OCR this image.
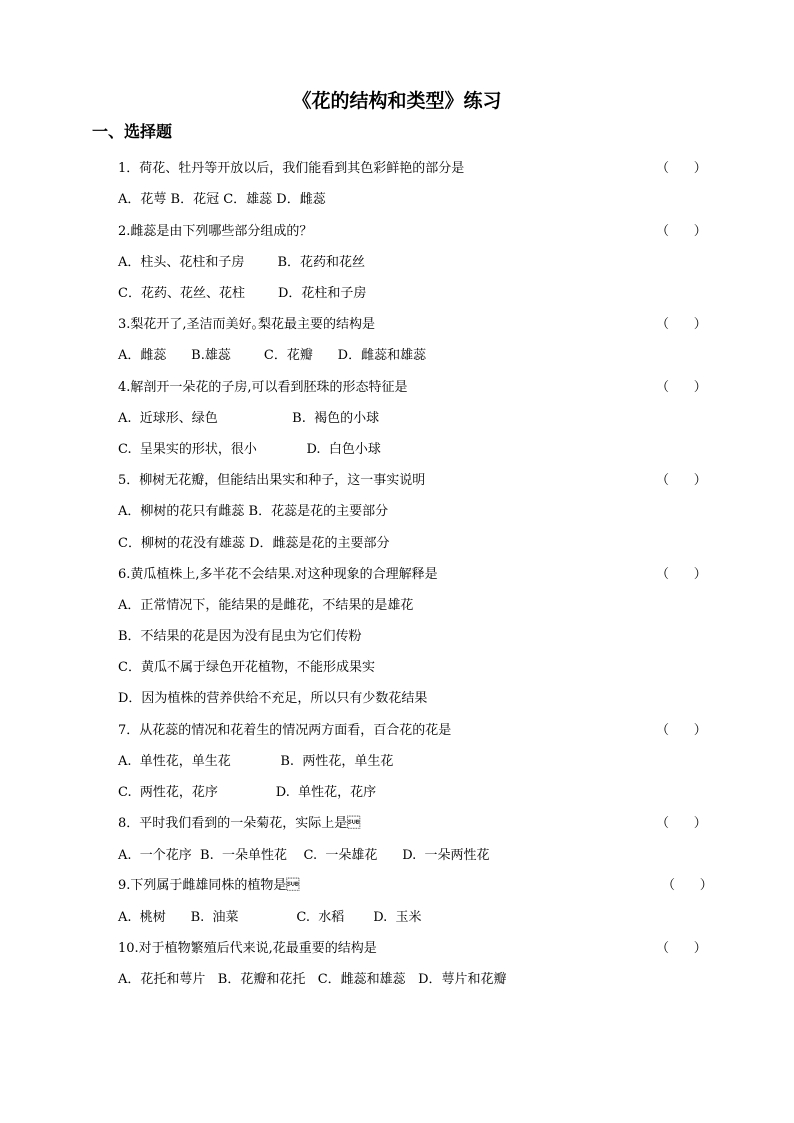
《花的结构和类型》练习
一、选择题
1．荷花、牡丹等开放以后，我们能看到其色彩鲜艳的部分是	（      ）
A．花萼 B．花冠 C．雄蕊 D．雌蕊
2.雌蕊是由下列哪些部分组成的？	（      ）
A．柱头、花柱和子房        B．花药和花丝
C．花药、花丝、花柱        D．花柱和子房
3.梨花开了,圣洁而美好｡梨花最主要的结构是	（      ）
A．雌蕊      B.雄蕊        C．花瓣      D．雌蕊和雄蕊
4.解剖开一朵花的子房,可以看到胚珠的形态特征是	（      ）
A.  近球形、绿色                  B.  褐色的小球
C.  呈果实的形状，很小            D.  白色小球
5．柳树无花瓣，但能结出果实和种子，这一事实说明	（      ）
A．柳树的花只有雌蕊 B．花蕊是花的主要部分
C．柳树的花没有雄蕊 D．雌蕊是花的主要部分
6.黄瓜植株上,多半花不会结果.对这种现象的合理解释是	（      ）
A．正常情况下，能结果的是雌花，不结果的是雄花
B．不结果的花是因为没有昆虫为它们传粉
C．黄瓜不属于绿色开花植物，不能形成果实
D．因为植株的营养供给不充足，所以只有少数花结果
7．从花蕊的情况和花着生的情况两方面看，百合花的花是	（      ）
A.  单性花，单生花            B.  两性花，单生花
C.  两性花，花序              D.  单性花，花序
8．平时我们看到的一朵菊花，实际上是	（      ）
A.  一个花序  B.  一朵单性花    C.  一朵雄花      D.  一朵两性花
9.下列属于雌雄同株的植物是	（      ）
A.  桃树      B.  油菜              C.  水稻       D.  玉米
10.对于植物繁殖后代来说,花最重要的结构是	（      ）
A．花托和萼片   B．花瓣和花托   C．雌蕊和雄蕊   D．萼片和花瓣
